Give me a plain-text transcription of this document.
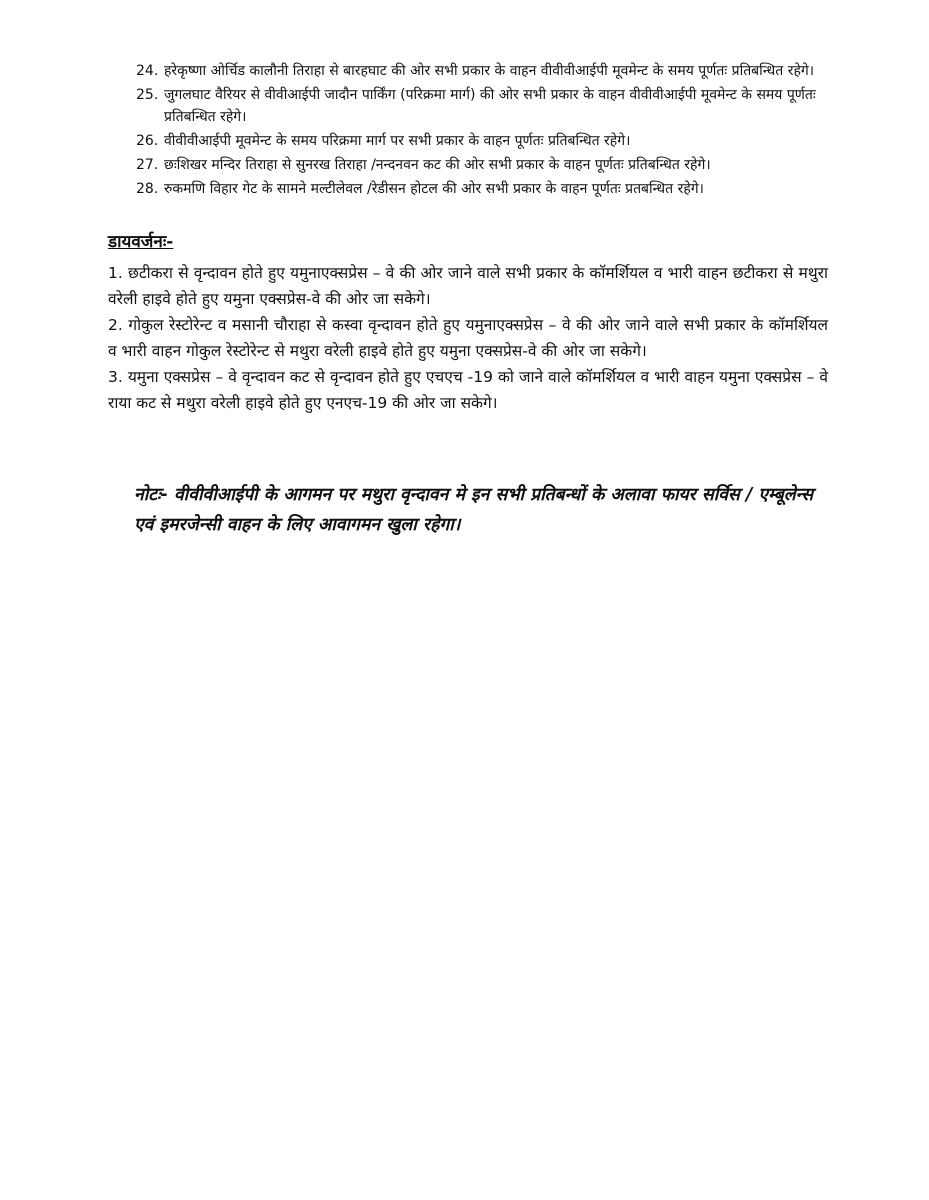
24. हरेकृष्णा ओर्चिड कालौनी तिराहा से बारहघाट की ओर सभी प्रकार के वाहन वीवीवीआईपी मूवमेन्ट के समय पूर्णतः प्रतिबन्धित रहेगे।
25. जुगलघाट वैरियर से वीवीआईपी जादौन पार्किंग (परिक्रमा मार्ग) की ओर सभी प्रकार के वाहन वीवीवीआईपी मूवमेन्ट के समय पूर्णतः प्रतिबन्धित रहेगे।
26. वीवीवीआईपी मूवमेन्ट के समय परिक्रमा मार्ग पर सभी प्रकार के वाहन पूर्णतः प्रतिबन्धित रहेगे।
27. छःशिखर मन्दिर तिराहा से सुनरख तिराहा /नन्दनवन कट की ओर सभी प्रकार के वाहन पूर्णतः प्रतिबन्धित रहेगे।
28. रुकमणि विहार गेट के सामने मल्टीलेवल /रेडीसन होटल की ओर सभी प्रकार के वाहन पूर्णतः प्रतबन्धित रहेगे।
डायवर्जनः-

1. छटीकरा से वृन्दावन होते हुए यमुनाएक्सप्रेस – वे की ओर जाने वाले सभी प्रकार के कॉमर्शियल व भारी वाहन छटीकरा से मथुरा वरेली हाइवे होते हुए यमुना एक्सप्रेस-वे की ओर जा सकेगे।

2. गोकुल रेस्टोरेन्ट व मसानी चौराहा से कस्वा वृन्दावन होते हुए यमुनाएक्सप्रेस – वे की ओर जाने वाले सभी प्रकार के कॉमर्शियल व भारी वाहन गोकुल रेस्टोरेन्ट से मथुरा वरेली हाइवे होते हुए यमुना एक्सप्रेस-वे की ओर जा सकेगे।

3. यमुना एक्सप्रेस – वे वृन्दावन कट से वृन्दावन होते हुए एचएच -19 को जाने वाले कॉमर्शियल व भारी वाहन यमुना एक्सप्रेस – वे राया कट से मथुरा वरेली हाइवे होते हुए एनएच-19 की ओर जा सकेगे।

नोटः- वीवीवीआईपी के आगमन पर मथुरा वृन्दावन मे इन सभी प्रतिबन्धों के अलावा फायर सर्विस / एम्बूलेन्स एवं इमरजेन्सी वाहन के लिए आवागमन खुला रहेगा।
